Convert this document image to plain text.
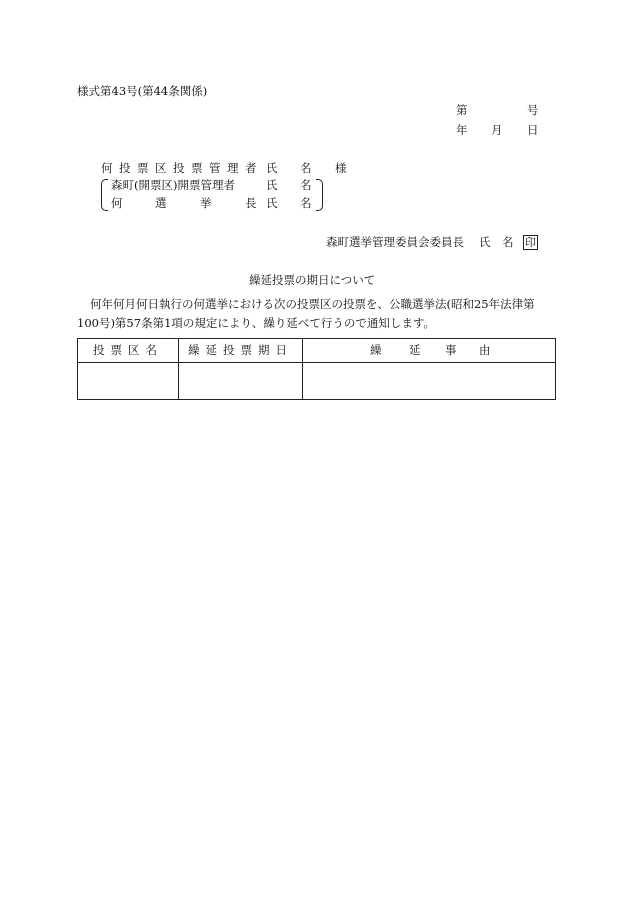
様式第43号(第44条関係)
第	号
年 月 日
何 投 票 区 投 票 管 理 者 氏 名 様
森町(開票区)開票管理者	氏 名
何	選	挙	長 氏 名
森町選挙管理委員会委員長 氏 名 印
繰延投票の期日について
何年何月何日執行の何選挙における次の投票区の投票を、公職選挙法(昭和25年法律第
100号)第57条第1項の規定により、繰り延べて行うので通知します。
投票区名	繰延投票期日	繰 延 事 由
